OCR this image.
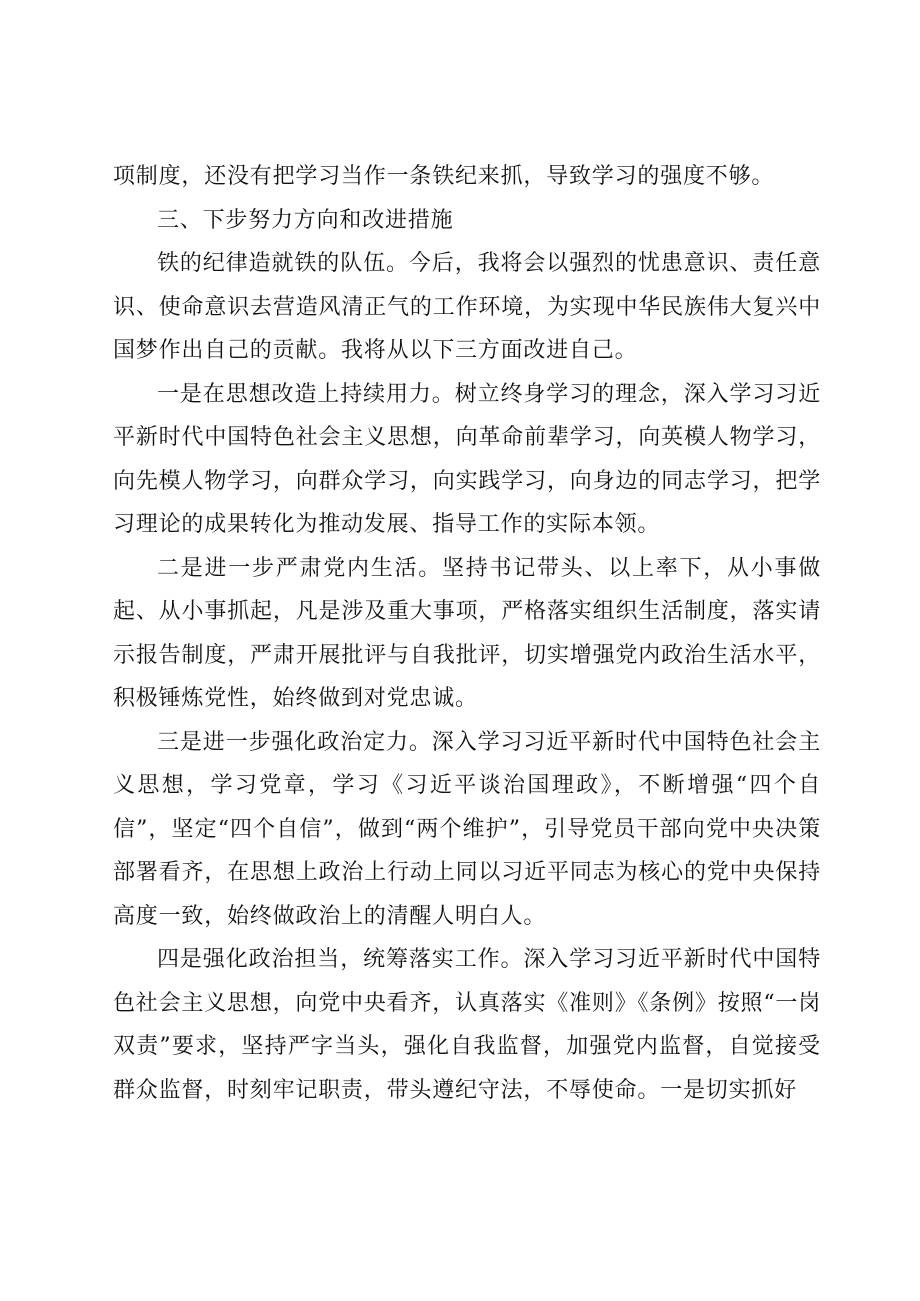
项制度，还没有把学习当作一条铁纪来抓，导致学习的强度不够。

三、下步努力方向和改进措施

铁的纪律造就铁的队伍。今后，我将会以强烈的忧患意识、责任意识、使命意识去营造风清正气的工作环境，为实现中华民族伟大复兴中国梦作出自己的贡献。我将从以下三方面改进自己。

一是在思想改造上持续用力。树立终身学习的理念，深入学习习近平新时代中国特色社会主义思想，向革命前辈学习，向英模人物学习，向先模人物学习，向群众学习，向实践学习，向身边的同志学习，把学习理论的成果转化为推动发展、指导工作的实际本领。

二是进一步严肃党内生活。坚持书记带头、以上率下，从小事做起、从小事抓起，凡是涉及重大事项，严格落实组织生活制度，落实请示报告制度，严肃开展批评与自我批评，切实增强党内政治生活水平，积极锤炼党性，始终做到对党忠诚。

三是进一步强化政治定力。深入学习习近平新时代中国特色社会主义思想，学习党章，学习《习近平谈治国理政》，不断增强“四个自信”，坚定“四个自信”，做到“两个维护”，引导党员干部向党中央决策部署看齐，在思想上政治上行动上同以习近平同志为核心的党中央保持高度一致，始终做政治上的清醒人明白人。

四是强化政治担当，统筹落实工作。深入学习习近平新时代中国特色社会主义思想，向党中央看齐，认真落实《准则》《条例》按照“一岗双责”要求，坚持严字当头，强化自我监督，加强党内监督，自觉接受群众监督，时刻牢记职责，带头遵纪守法，不辱使命。一是切实抓好
